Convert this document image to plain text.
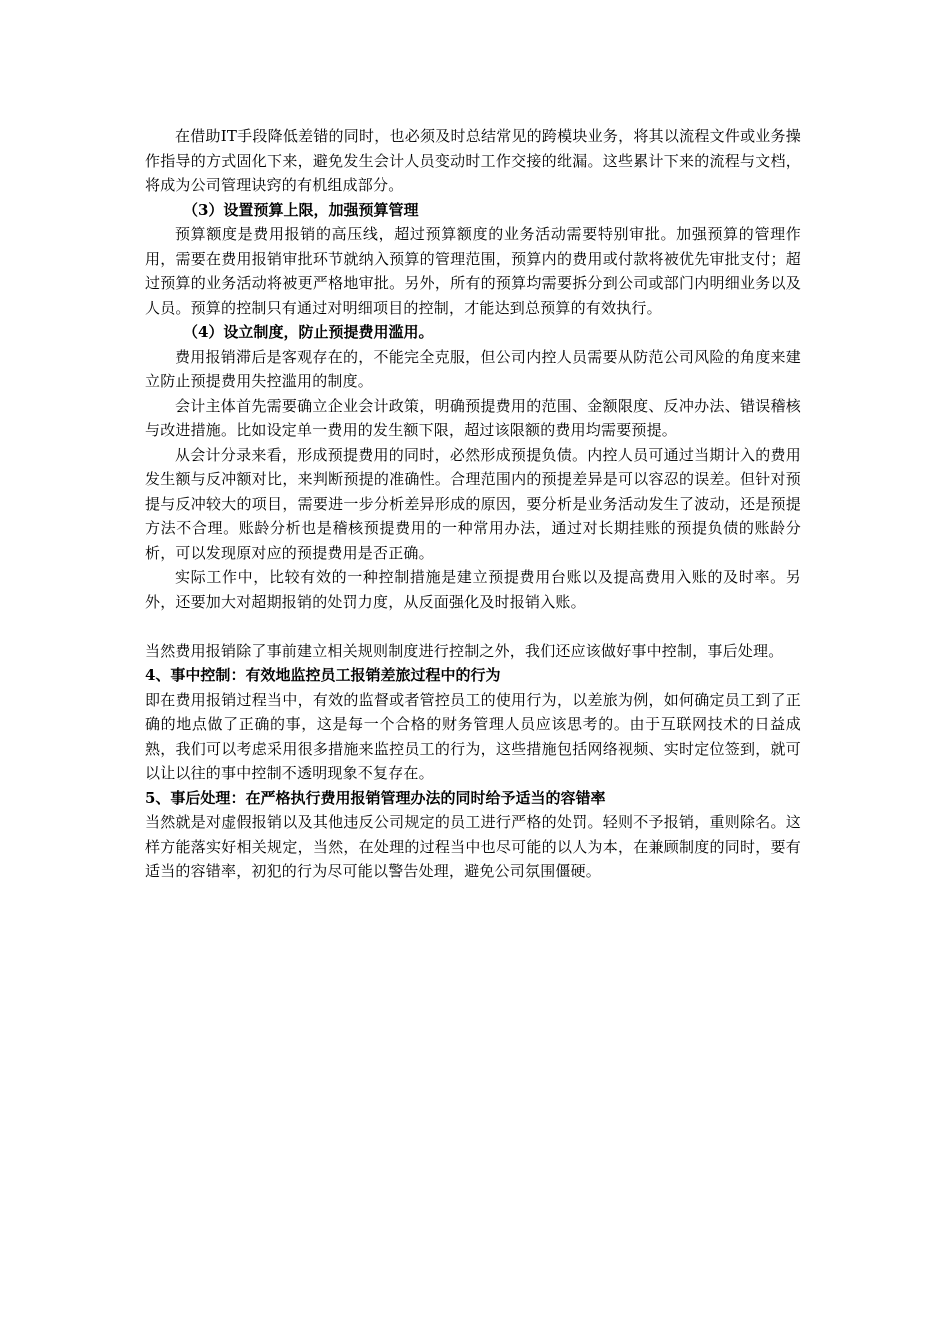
在借助IT手段降低差错的同时，也必须及时总结常见的跨模块业务，将其以流程文件或业务操作指导的方式固化下来，避免发生会计人员变动时工作交接的纰漏。这些累计下来的流程与文档，将成为公司管理诀窍的有机组成部分。

（3）设置预算上限，加强预算管理

预算额度是费用报销的高压线，超过预算额度的业务活动需要特别审批。加强预算的管理作用，需要在费用报销审批环节就纳入预算的管理范围，预算内的费用或付款将被优先审批支付；超过预算的业务活动将被更严格地审批。另外，所有的预算均需要拆分到公司或部门内明细业务以及人员。预算的控制只有通过对明细项目的控制，才能达到总预算的有效执行。

（4）设立制度，防止预提费用滥用。

费用报销滞后是客观存在的，不能完全克服，但公司内控人员需要从防范公司风险的角度来建立防止预提费用失控滥用的制度。

会计主体首先需要确立企业会计政策，明确预提费用的范围、金额限度、反冲办法、错误稽核与改进措施。比如设定单一费用的发生额下限，超过该限额的费用均需要预提。

从会计分录来看，形成预提费用的同时，必然形成预提负债。内控人员可通过当期计入的费用发生额与反冲额对比，来判断预提的准确性。合理范围内的预提差异是可以容忍的误差。但针对预提与反冲较大的项目，需要进一步分析差异形成的原因，要分析是业务活动发生了波动，还是预提方法不合理。账龄分析也是稽核预提费用的一种常用办法，通过对长期挂账的预提负债的账龄分析，可以发现原对应的预提费用是否正确。

实际工作中，比较有效的一种控制措施是建立预提费用台账以及提高费用入账的及时率。另外，还要加大对超期报销的处罚力度，从反面强化及时报销入账。

当然费用报销除了事前建立相关规则制度进行控制之外，我们还应该做好事中控制，事后处理。

4、事中控制：有效地监控员工报销差旅过程中的行为

即在费用报销过程当中，有效的监督或者管控员工的使用行为，以差旅为例，如何确定员工到了正确的地点做了正确的事，这是每一个合格的财务管理人员应该思考的。由于互联网技术的日益成熟，我们可以考虑采用很多措施来监控员工的行为，这些措施包括网络视频、实时定位签到，就可以让以往的事中控制不透明现象不复存在。

5、事后处理：在严格执行费用报销管理办法的同时给予适当的容错率

当然就是对虚假报销以及其他违反公司规定的员工进行严格的处罚。轻则不予报销，重则除名。这样方能落实好相关规定，当然，在处理的过程当中也尽可能的以人为本，在兼顾制度的同时，要有适当的容错率，初犯的行为尽可能以警告处理，避免公司氛围僵硬。
